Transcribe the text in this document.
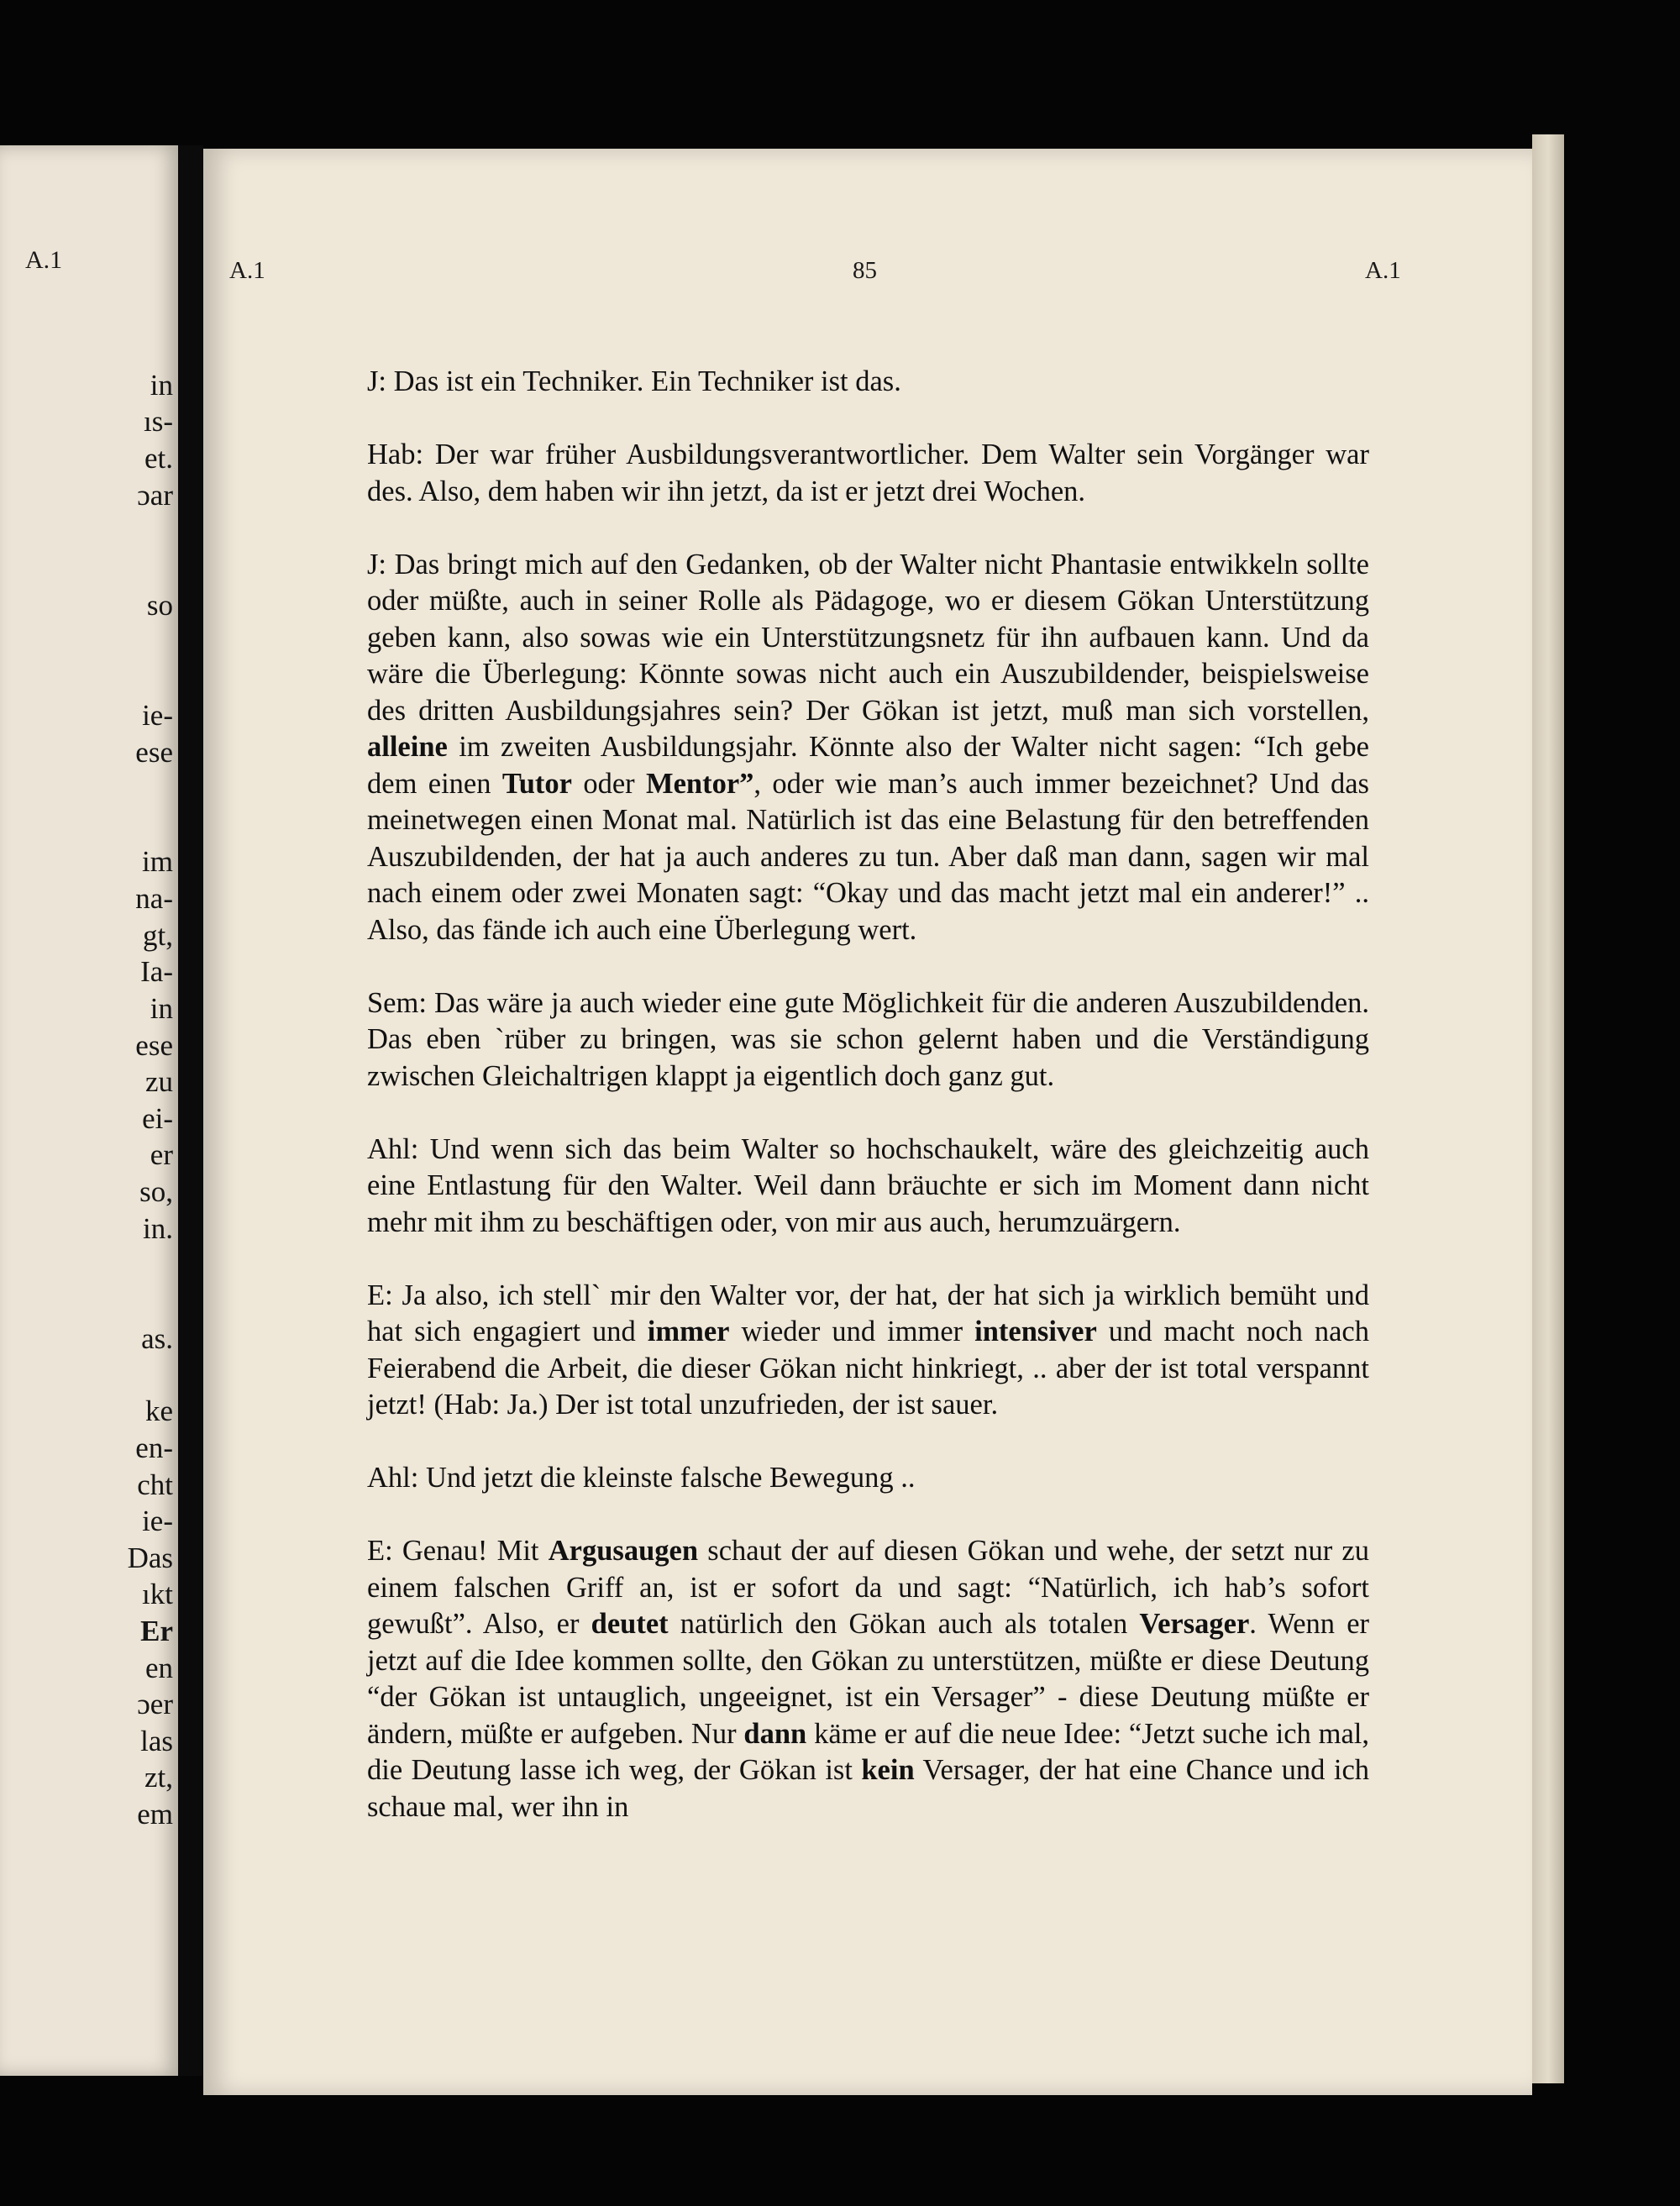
A.1
in
ıs-
et.
ɔar
so
ie-
ese
im
na-
gt,
Ia-
in
ese
zu
ei-
er
so,
in.
as.
ke
en-
cht
ie-
Das
ıkt
Er
en
ɔer
las
zt,
em
A.1	85	A.1

J: Das ist ein Techniker. Ein Techniker ist das.

Hab: Der war früher Ausbildungsverantwortlicher. Dem Walter sein Vorgänger war des. Also, dem haben wir ihn jetzt, da ist er jetzt drei Wochen.

J: Das bringt mich auf den Gedanken, ob der Walter nicht Phantasie entwikkeln sollte oder müßte, auch in seiner Rolle als Pädagoge, wo er diesem Gökan Unterstützung geben kann, also sowas wie ein Unterstützungsnetz für ihn aufbauen kann. Und da wäre die Überlegung: Könnte sowas nicht auch ein Auszubildender, beispielsweise des dritten Ausbildungsjahres sein? Der Gökan ist jetzt, muß man sich vorstellen, alleine im zweiten Ausbildungsjahr. Könnte also der Walter nicht sagen: “Ich gebe dem einen Tutor oder Mentor”, oder wie man’s auch immer bezeichnet? Und das meinetwegen einen Monat mal. Natürlich ist das eine Belastung für den betreffenden Auszubildenden, der hat ja auch anderes zu tun. Aber daß man dann, sagen wir mal nach einem oder zwei Monaten sagt: “Okay und das macht jetzt mal ein anderer!” .. Also, das fände ich auch eine Überlegung wert.

Sem: Das wäre ja auch wieder eine gute Möglichkeit für die anderen Auszubildenden. Das eben `rüber zu bringen, was sie schon gelernt haben und die Verständigung zwischen Gleichaltrigen klappt ja eigentlich doch ganz gut.

Ahl: Und wenn sich das beim Walter so hochschaukelt, wäre des gleichzeitig auch eine Entlastung für den Walter. Weil dann bräuchte er sich im Moment dann nicht mehr mit ihm zu beschäftigen oder, von mir aus auch, herumzuärgern.

E: Ja also, ich stell` mir den Walter vor, der hat, der hat sich ja wirklich bemüht und hat sich engagiert und immer wieder und immer intensiver und macht noch nach Feierabend die Arbeit, die dieser Gökan nicht hinkriegt, .. aber der ist total verspannt jetzt! (Hab: Ja.) Der ist total unzufrieden, der ist sauer.

Ahl: Und jetzt die kleinste falsche Bewegung ..

E: Genau! Mit Argusaugen schaut der auf diesen Gökan und wehe, der setzt nur zu einem falschen Griff an, ist er sofort da und sagt: “Natürlich, ich hab’s sofort gewußt”. Also, er deutet natürlich den Gökan auch als totalen Versager. Wenn er jetzt auf die Idee kommen sollte, den Gökan zu unterstützen, müßte er diese Deutung “der Gökan ist untauglich, ungeeignet, ist ein Versager” - diese Deutung müßte er ändern, müßte er aufgeben. Nur dann käme er auf die neue Idee: “Jetzt suche ich mal, die Deutung lasse ich weg, der Gökan ist kein Versager, der hat eine Chance und ich schaue mal, wer ihn in
